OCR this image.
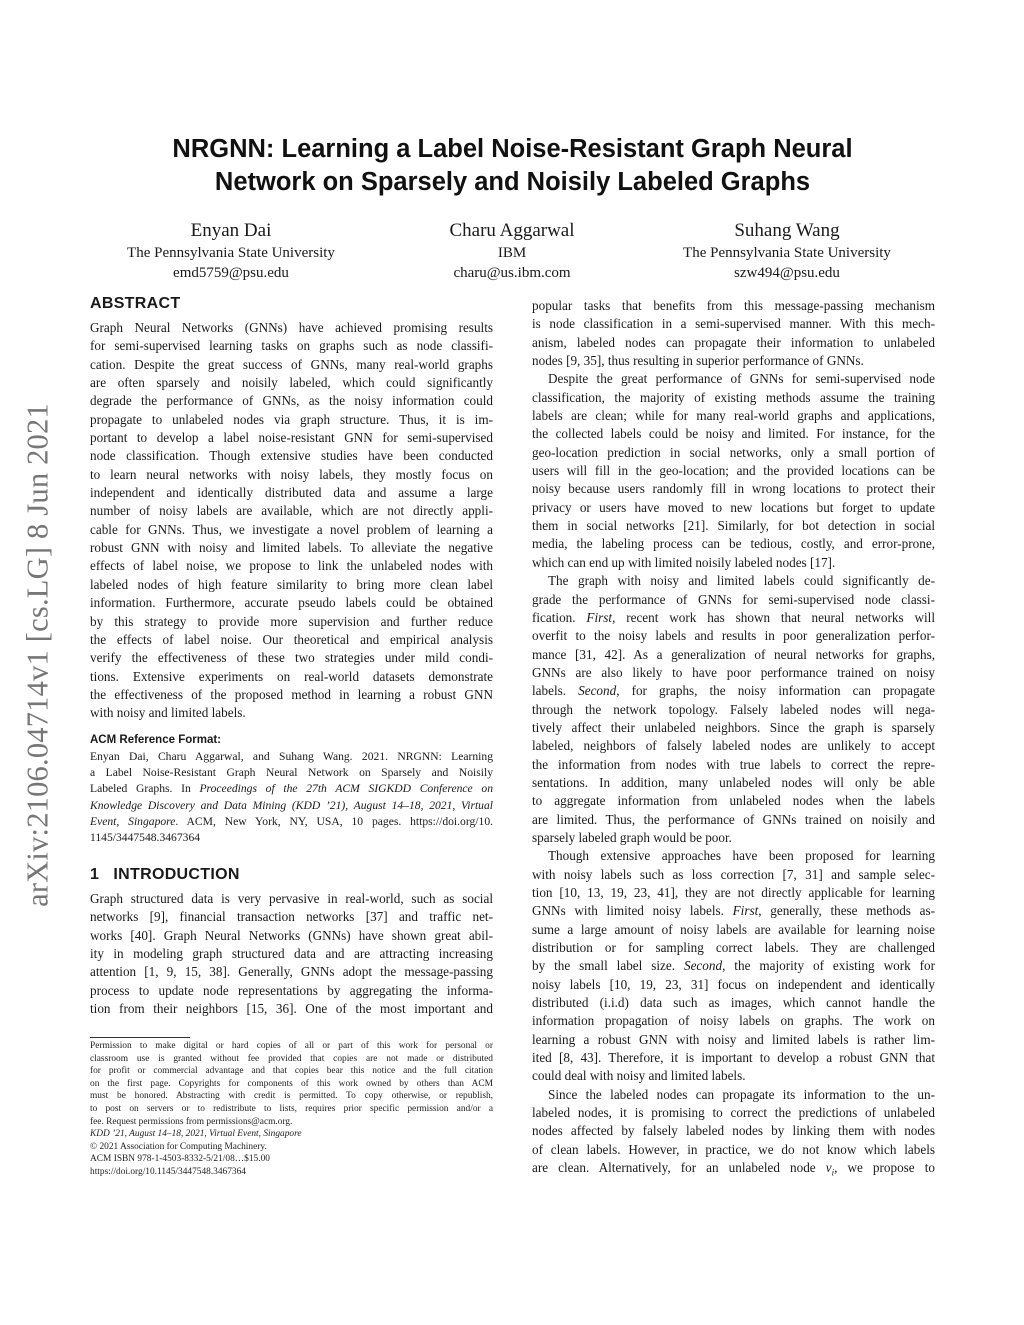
arXiv:2106.04714v1 [cs.LG] 8 Jun 2021
NRGNN: Learning a Label Noise-Resistant Graph Neural
Network on Sparsely and Noisily Labeled Graphs
Enyan Dai
The Pennsylvania State University
emd5759@psu.edu
Charu Aggarwal
IBM
charu@us.ibm.com
Suhang Wang
The Pennsylvania State University
szw494@psu.edu
ABSTRACT
Graph Neural Networks (GNNs) have achieved promising results
for semi-supervised learning tasks on graphs such as node classifi-
cation. Despite the great success of GNNs, many real-world graphs
are often sparsely and noisily labeled, which could significantly
degrade the performance of GNNs, as the noisy information could
propagate to unlabeled nodes via graph structure. Thus, it is im-
portant to develop a label noise-resistant GNN for semi-supervised
node classification. Though extensive studies have been conducted
to learn neural networks with noisy labels, they mostly focus on
independent and identically distributed data and assume a large
number of noisy labels are available, which are not directly appli-
cable for GNNs. Thus, we investigate a novel problem of learning a
robust GNN with noisy and limited labels. To alleviate the negative
effects of label noise, we propose to link the unlabeled nodes with
labeled nodes of high feature similarity to bring more clean label
information. Furthermore, accurate pseudo labels could be obtained
by this strategy to provide more supervision and further reduce
the effects of label noise. Our theoretical and empirical analysis
verify the effectiveness of these two strategies under mild condi-
tions. Extensive experiments on real-world datasets demonstrate
the effectiveness of the proposed method in learning a robust GNN
with noisy and limited labels.
ACM Reference Format:
Enyan Dai, Charu Aggarwal, and Suhang Wang. 2021. NRGNN: Learning
a Label Noise-Resistant Graph Neural Network on Sparsely and Noisily
Labeled Graphs. In Proceedings of the 27th ACM SIGKDD Conference on
Knowledge Discovery and Data Mining (KDD ’21), August 14–18, 2021, Virtual
Event, Singapore. ACM, New York, NY, USA, 10 pages. https://doi.org/10.
1145/3447548.3467364
1   INTRODUCTION
Graph structured data is very pervasive in real-world, such as social
networks [9], financial transaction networks [37] and traffic net-
works [40]. Graph Neural Networks (GNNs) have shown great abil-
ity in modeling graph structured data and are attracting increasing
attention [1, 9, 15, 38]. Generally, GNNs adopt the message-passing
process to update node representations by aggregating the informa-
tion from their neighbors [15, 36]. One of the most important and
Permission to make digital or hard copies of all or part of this work for personal or
classroom use is granted without fee provided that copies are not made or distributed
for profit or commercial advantage and that copies bear this notice and the full citation
on the first page. Copyrights for components of this work owned by others than ACM
must be honored. Abstracting with credit is permitted. To copy otherwise, or republish,
to post on servers or to redistribute to lists, requires prior specific permission and/or a
fee. Request permissions from permissions@acm.org.
KDD ’21, August 14–18, 2021, Virtual Event, Singapore
© 2021 Association for Computing Machinery.
ACM ISBN 978-1-4503-8332-5/21/08…$15.00
https://doi.org/10.1145/3447548.3467364
popular tasks that benefits from this message-passing mechanism
is node classification in a semi-supervised manner. With this mech-
anism, labeled nodes can propagate their information to unlabeled
nodes [9, 35], thus resulting in superior performance of GNNs.
Despite the great performance of GNNs for semi-supervised node
classification, the majority of existing methods assume the training
labels are clean; while for many real-world graphs and applications,
the collected labels could be noisy and limited. For instance, for the
geo-location prediction in social networks, only a small portion of
users will fill in the geo-location; and the provided locations can be
noisy because users randomly fill in wrong locations to protect their
privacy or users have moved to new locations but forget to update
them in social networks [21]. Similarly, for bot detection in social
media, the labeling process can be tedious, costly, and error-prone,
which can end up with limited noisily labeled nodes [17].
The graph with noisy and limited labels could significantly de-
grade the performance of GNNs for semi-supervised node classi-
fication. First, recent work has shown that neural networks will
overfit to the noisy labels and results in poor generalization perfor-
mance [31, 42]. As a generalization of neural networks for graphs,
GNNs are also likely to have poor performance trained on noisy
labels. Second, for graphs, the noisy information can propagate
through the network topology. Falsely labeled nodes will nega-
tively affect their unlabeled neighbors. Since the graph is sparsely
labeled, neighbors of falsely labeled nodes are unlikely to accept
the information from nodes with true labels to correct the repre-
sentations. In addition, many unlabeled nodes will only be able
to aggregate information from unlabeled nodes when the labels
are limited. Thus, the performance of GNNs trained on noisily and
sparsely labeled graph would be poor.
Though extensive approaches have been proposed for learning
with noisy labels such as loss correction [7, 31] and sample selec-
tion [10, 13, 19, 23, 41], they are not directly applicable for learning
GNNs with limited noisy labels. First, generally, these methods as-
sume a large amount of noisy labels are available for learning noise
distribution or for sampling correct labels. They are challenged
by the small label size. Second, the majority of existing work for
noisy labels [10, 19, 23, 31] focus on independent and identically
distributed (i.i.d) data such as images, which cannot handle the
information propagation of noisy labels on graphs. The work on
learning a robust GNN with noisy and limited labels is rather lim-
ited [8, 43]. Therefore, it is important to develop a robust GNN that
could deal with noisy and limited labels.
Since the labeled nodes can propagate its information to the un-
labeled nodes, it is promising to correct the predictions of unlabeled
nodes affected by falsely labeled nodes by linking them with nodes
of clean labels. However, in practice, we do not know which labels
are clean. Alternatively, for an unlabeled node $v_i$, we propose to
